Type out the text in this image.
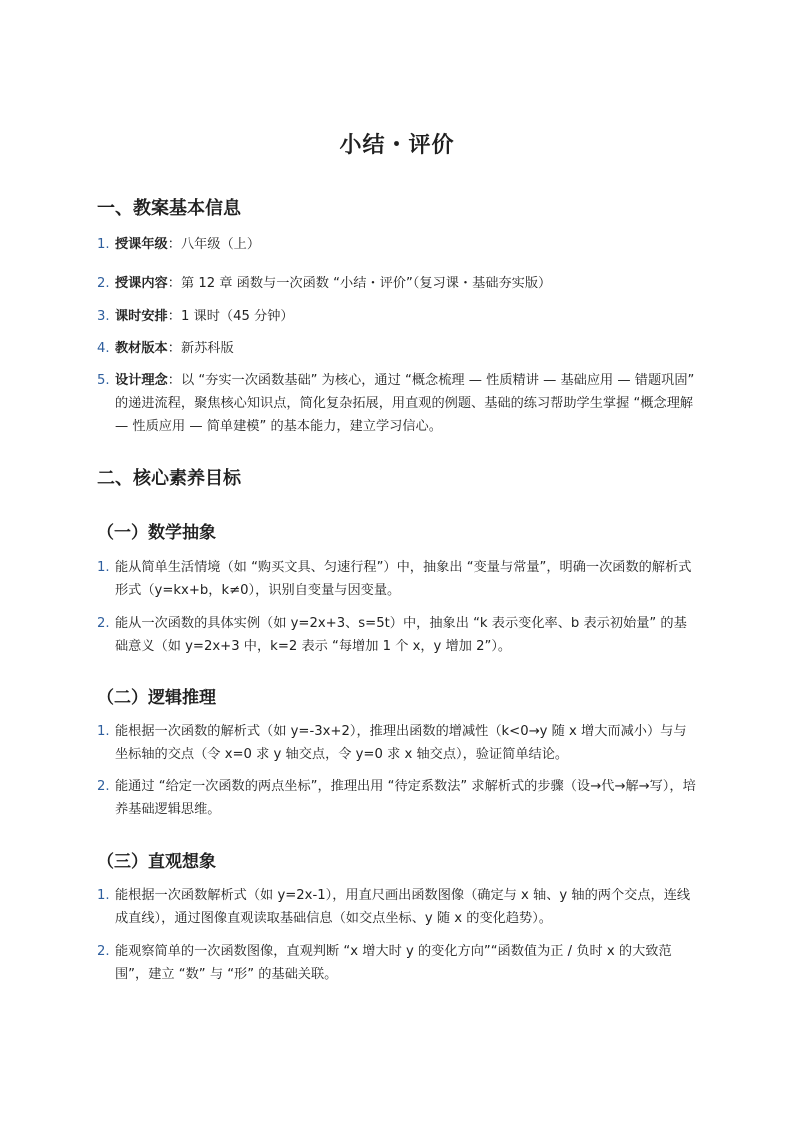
小结・评价
一、教案基本信息
1. 授课年级：八年级（上）
2. 授课内容：第 12 章 函数与一次函数 “小结・评价”（复习课・基础夯实版）
3. 课时安排：1 课时（45 分钟）
4. 教材版本：新苏科版
5. 设计理念：以 “夯实一次函数基础” 为核心，通过 “概念梳理 — 性质精讲 — 基础应用 — 错题巩固” 的递进流程，聚焦核心知识点，简化复杂拓展，用直观的例题、基础的练习帮助学生掌握 “概念理解 — 性质应用 — 简单建模” 的基本能力，建立学习信心。
二、核心素养目标
（一）数学抽象
1. 能从简单生活情境（如 “购买文具、匀速行程”）中，抽象出 “变量与常量”，明确一次函数的解析式形式（y=kx+b，k≠0），识别自变量与因变量。
2. 能从一次函数的具体实例（如 y=2x+3、s=5t）中，抽象出 “k 表示变化率、b 表示初始量” 的基础意义（如 y=2x+3 中，k=2 表示 “每增加 1 个 x，y 增加 2”）。
（二）逻辑推理
1. 能根据一次函数的解析式（如 y=-3x+2），推理出函数的增减性（k<0→y 随 x 增大而减小）与与坐标轴的交点（令 x=0 求 y 轴交点，令 y=0 求 x 轴交点），验证简单结论。
2. 能通过 “给定一次函数的两点坐标”，推理出用 “待定系数法” 求解析式的步骤（设→代→解→写），培养基础逻辑思维。
（三）直观想象
1. 能根据一次函数解析式（如 y=2x-1），用直尺画出函数图像（确定与 x 轴、y 轴的两个交点，连线成直线），通过图像直观读取基础信息（如交点坐标、y 随 x 的变化趋势）。
2. 能观察简单的一次函数图像，直观判断 “x 增大时 y 的变化方向”“函数值为正 / 负时 x 的大致范围”，建立 “数” 与 “形” 的基础关联。
